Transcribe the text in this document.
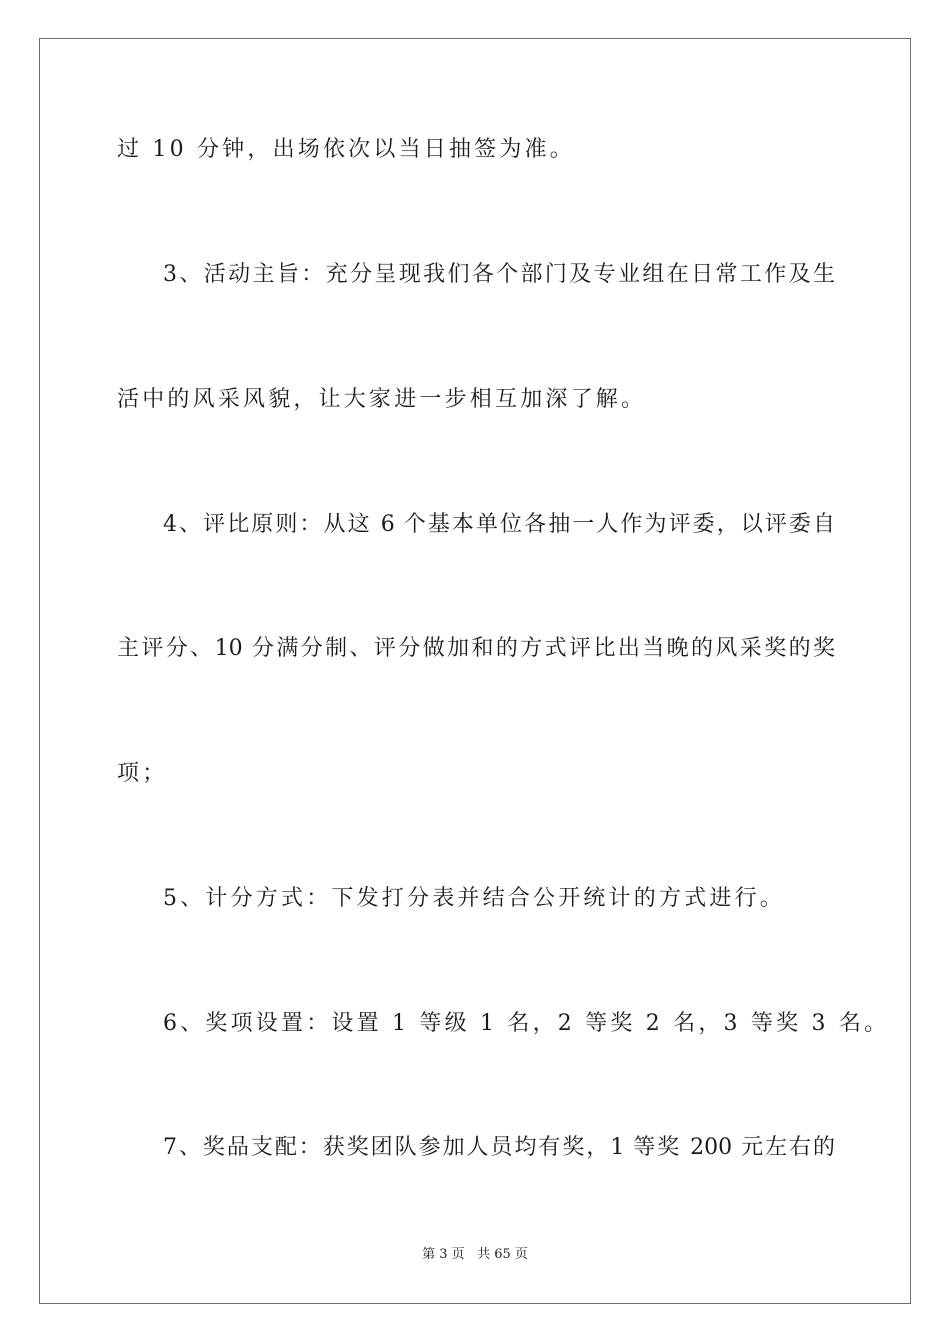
过 10 分钟，出场依次以当日抽签为准。
3、活动主旨：充分呈现我们各个部门及专业组在日常工作及生
活中的风采风貌，让大家进一步相互加深了解。
4、评比原则：从这 6 个基本单位各抽一人作为评委，以评委自
主评分、10 分满分制、评分做加和的方式评比出当晚的风采奖的奖
项；
5、计分方式：下发打分表并结合公开统计的方式进行。
6、奖项设置：设置 1 等级 1 名，2 等奖 2 名，3 等奖 3 名。
7、奖品支配：获奖团队参加人员均有奖，1 等奖 200 元左右的
第 3 页 共 65 页
